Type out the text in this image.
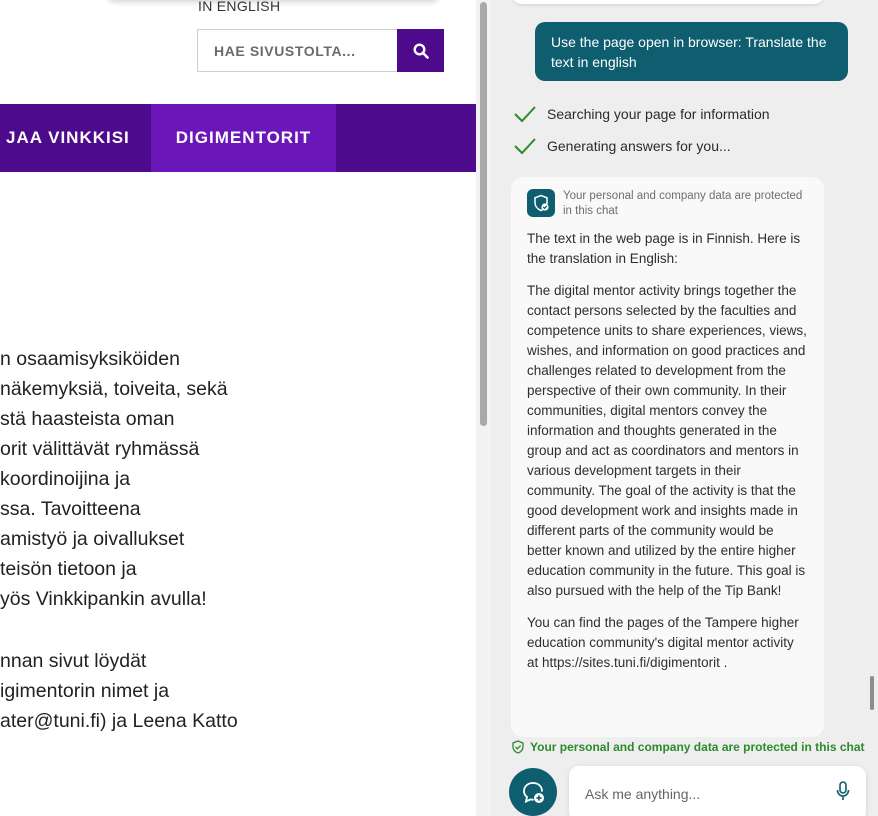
IN ENGLISH
HAE SIVUSTOLTA...
JAA VINKKISI	DIGIMENTORIT
n osaamisyksiköiden
näkemyksiä, toiveita, sekä
stä haasteista oman
orit välittävät ryhmässä
koordinoijina ja
ssa. Tavoitteena
amistyö ja oivallukset
teisön tietoon ja
yös Vinkkipankin avulla!
nnan sivut löydät
igimentorin nimet ja
ater@tuni.fi) ja Leena Katto
Use the page open in browser: Translate the text in english
Searching your page for information
Generating answers for you...
Your personal and company data are protected in this chat

The text in the web page is in Finnish. Here is the translation in English:

The digital mentor activity brings together the contact persons selected by the faculties and competence units to share experiences, views, wishes, and information on good practices and challenges related to development from the perspective of their own community. In their communities, digital mentors convey the information and thoughts generated in the group and act as coordinators and mentors in various development targets in their community. The goal of the activity is that the good development work and insights made in different parts of the community would be better known and utilized by the entire higher education community in the future. This goal is also pursued with the help of the Tip Bank!

You can find the pages of the Tampere higher education community's digital mentor activity at https://sites.tuni.fi/digimentorit .

Your personal and company data are protected in this chat
Ask me anything...
